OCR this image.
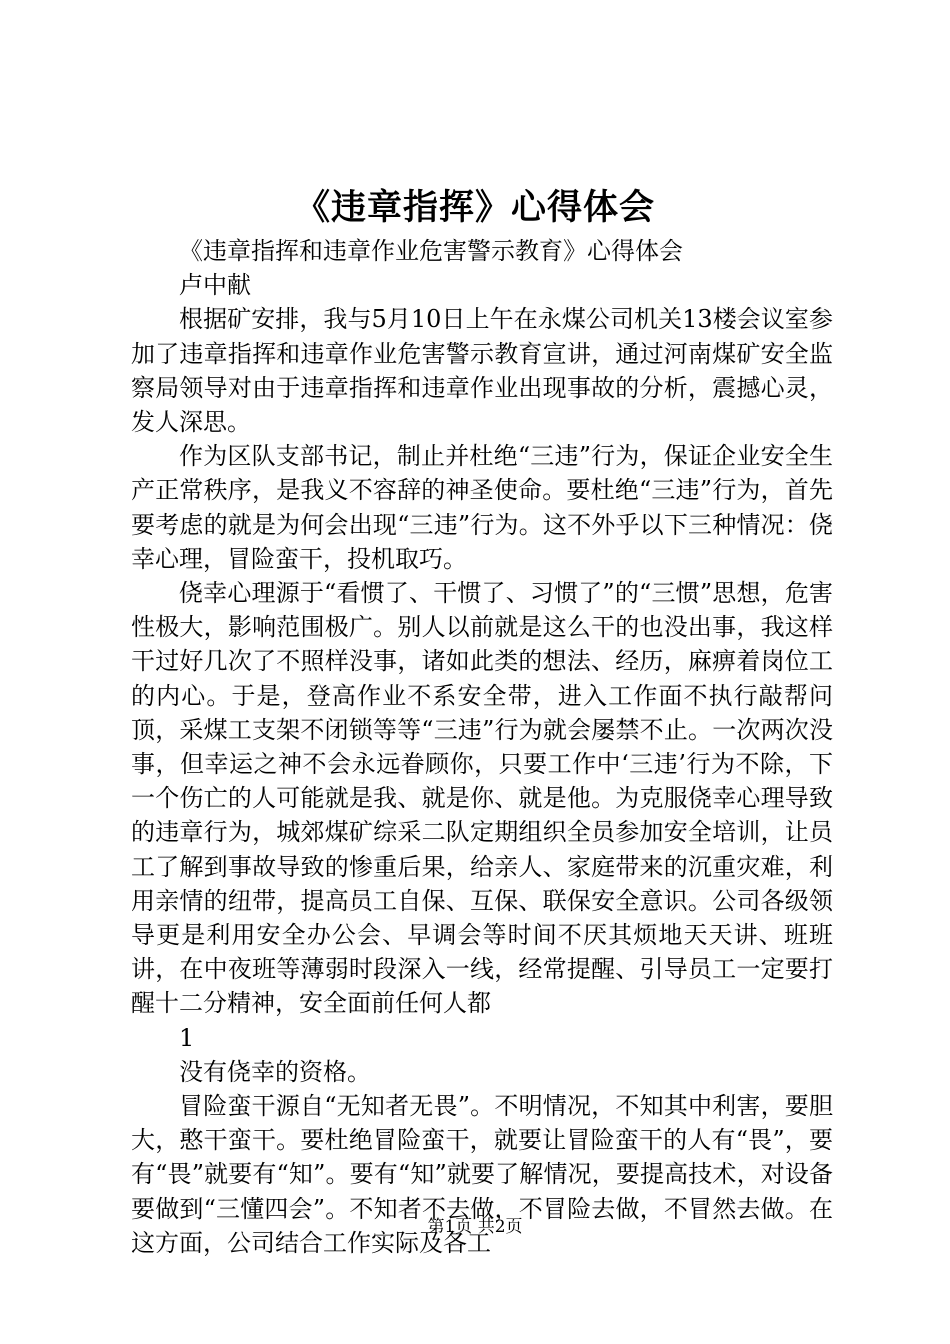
《违章指挥》心得体会

《违章指挥和违章作业危害警示教育》心得体会

卢中献

根据矿安排，我与5月10日上午在永煤公司机关13楼会议室参加了违章指挥和违章作业危害警示教育宣讲，通过河南煤矿安全监察局领导对由于违章指挥和违章作业出现事故的分析，震撼心灵，发人深思。

作为区队支部书记，制止并杜绝“三违”行为，保证企业安全生产正常秩序，是我义不容辞的神圣使命。要杜绝“三违”行为，首先要考虑的就是为何会出现“三违”行为。这不外乎以下三种情况：侥幸心理，冒险蛮干，投机取巧。

侥幸心理源于“看惯了、干惯了、习惯了”的“三惯”思想，危害性极大，影响范围极广。别人以前就是这么干的也没出事，我这样干过好几次了不照样没事，诸如此类的想法、经历，麻痹着岗位工的内心。于是，登高作业不系安全带，进入工作面不执行敲帮问顶，采煤工支架不闭锁等等“三违”行为就会屡禁不止。一次两次没事，但幸运之神不会永远眷顾你，只要工作中‘三违’行为不除，下一个伤亡的人可能就是我、就是你、就是他。为克服侥幸心理导致的违章行为，城郊煤矿综采二队定期组织全员参加安全培训，让员工了解到事故导致的惨重后果，给亲人、家庭带来的沉重灾难，利用亲情的纽带，提高员工自保、互保、联保安全意识。公司各级领导更是利用安全办公会、早调会等时间不厌其烦地天天讲、班班讲，在中夜班等薄弱时段深入一线，经常提醒、引导员工一定要打醒十二分精神，安全面前任何人都

1

没有侥幸的资格。

冒险蛮干源自“无知者无畏”。不明情况，不知其中利害，要胆大，憨干蛮干。要杜绝冒险蛮干，就要让冒险蛮干的人有“畏”，要有“畏”就要有“知”。要有“知”就要了解情况，要提高技术，对设备要做到“三懂四会”。不知者不去做，不冒险去做，不冒然去做。在这方面，公司结合工作实际及各工

第1页 共2页
